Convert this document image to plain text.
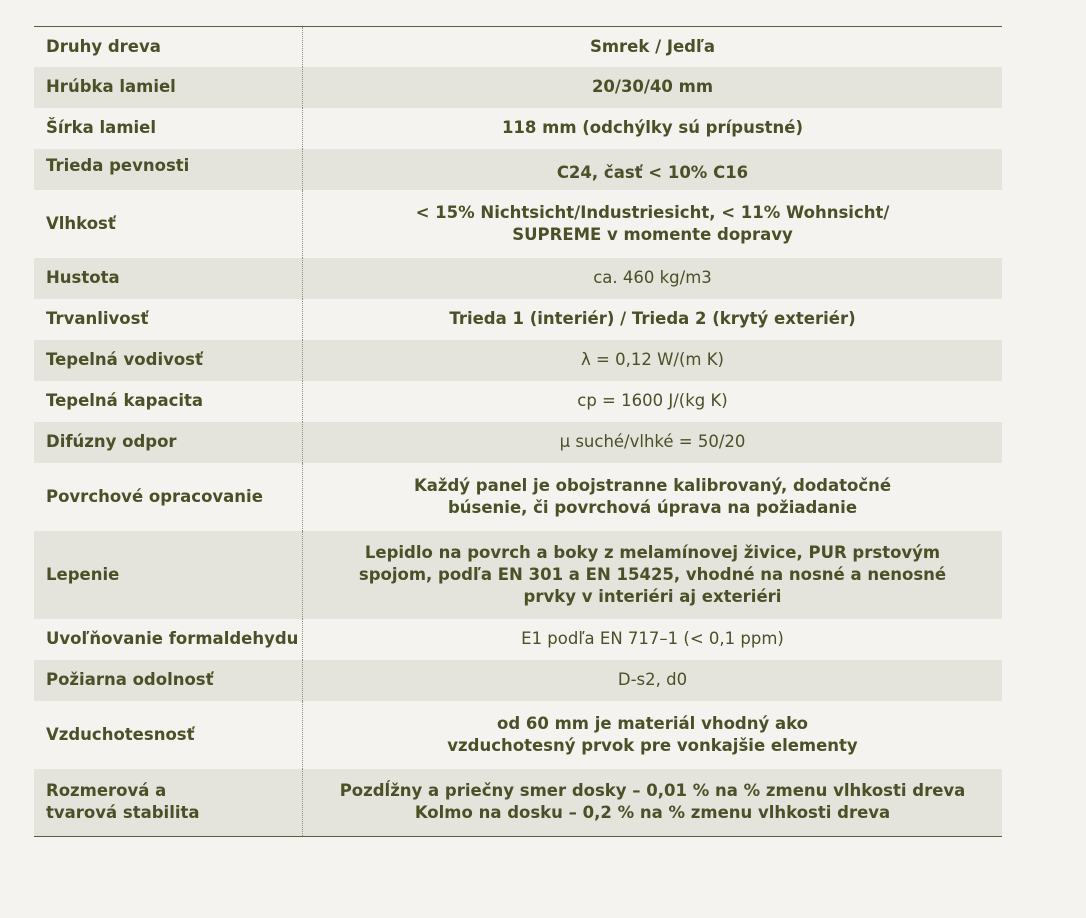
Druhy dreva	Smrek / Jedľa
Hrúbka lamiel	20/30/40 mm
Šírka lamiel	118 mm (odchýlky sú prípustné)
Trieda pevnosti	C24, časť < 10% C16
Vlhkosť	< 15% Nichtsicht/Industriesicht, < 11% Wohnsicht/
SUPREME v momente dopravy

Hustota	ca. 460 kg/m3
Trvanlivosť	Trieda 1 (interiér) / Trieda 2 (krytý exteriér)
Tepelná vodivosť	λ = 0,12 W/(m K)
Tepelná kapacita	cp = 1600 J/(kg K)
Difúzny odpor	µ suché/vlhké = 50/20
Povrchové opracovanie	Každý panel je obojstranne kalibrovaný, dodatočné
búsenie, či povrchová úprava na požiadanie

Lepenie	Lepidlo na povrch a boky z melamínovej živice, PUR prstovým
spojom, podľa EN 301 a EN 15425, vhodné na nosné a nenosné
prvky v interiéri aj exteriéri

Uvoľňovanie formaldehydu	E1 podľa EN 717–1 (< 0,1 ppm)
Požiarna odolnosť	D-s2, d0
Vzduchotesnosť	od 60 mm je materiál vhodný ako
vzduchotesný prvok pre vonkajšie elementy

Rozmerová a
tvarová stabilita	Pozdĺžny a priečny smer dosky – 0,01 % na % zmenu vlhkosti dreva
Kolmo na dosku – 0,2 % na % zmenu vlhkosti dreva
